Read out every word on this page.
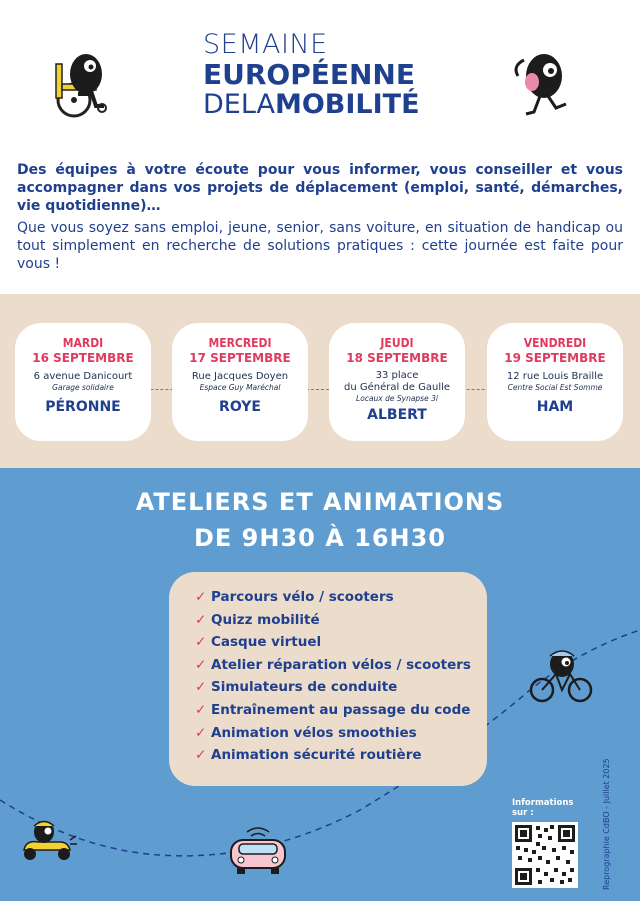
SEMAINE
EUROPÉENNE
DELAMOBILITÉ

Des équipes à votre écoute pour vous informer, vous conseiller et vous accompagner dans vos projets de déplacement (emploi, santé, démarches, vie quotidienne)…

Que vous soyez sans emploi, jeune, senior, sans voiture, en situation de handicap ou tout simplement en recherche de solutions pratiques : cette journée est faite pour vous !

MARDI
16 SEPTEMBRE
6 avenue Danicourt
Garage solidaire
PÉRONNE
MERCREDI
17 SEPTEMBRE
Rue Jacques Doyen
Espace Guy Maréchal
ROYE
JEUDI
18 SEPTEMBRE
33 place
du Général de Gaulle
Locaux de Synapse 3i
ALBERT
VENDREDI
19 SEPTEMBRE
12 rue Louis Braille
Centre Social Est Somme
HAM
ATELIERS ET ANIMATIONS
DE 9H30 À 16H30
✓ Parcours vélo / scooters
✓ Quizz mobilité
✓ Casque virtuel
✓ Atelier réparation vélos / scooters
✓ Simulateurs de conduite
✓ Entraînement au passage du code
✓ Animation vélos smoothies
✓ Animation sécurité routière
Informations sur :	Reprographie CdBO - Juillet 2025
